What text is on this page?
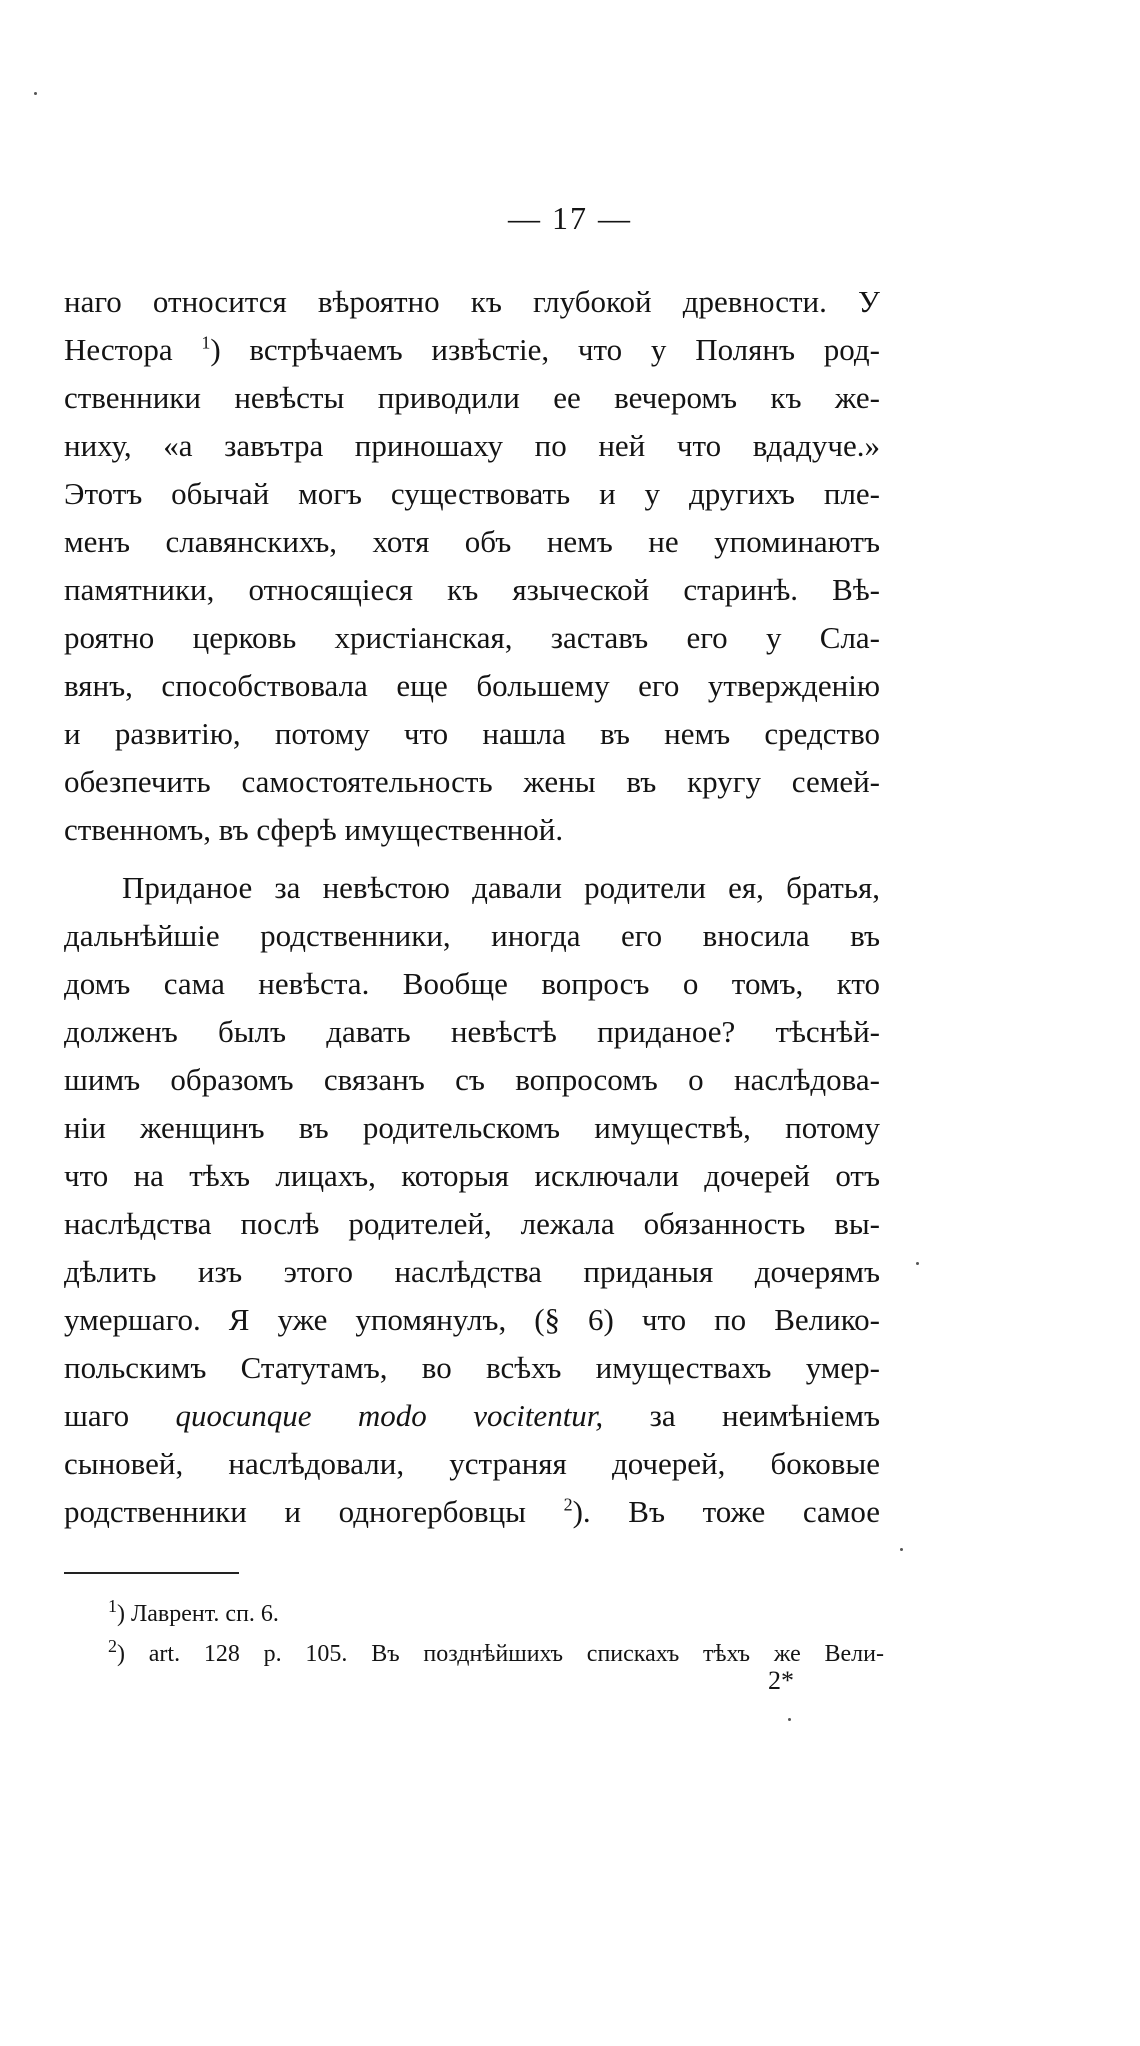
— 17 —
наго относится вѣроятно къ глубокой древности. У
Нестора $^1$) встрѣчаемъ извѣстіе, что у Полянъ род-
ственники невѣсты приводили ее вечеромъ къ же-
ниху, «а завътра приношаху по ней что вдадуче.»
Этотъ обычай могъ существовать и у другихъ пле-
менъ славянскихъ, хотя объ немъ не упоминаютъ
памятники, относящіеся къ языческой старинѣ. Вѣ-
роятно церковь христіанская, заставъ его у Сла-
вянъ, способствовала еще большему его утвержденію
и развитію, потому что нашла въ немъ средство
обезпечить самостоятельность жены въ кругу семей-
ственномъ, въ сферѣ имущественной.
Приданое за невѣстою давали родители ея, братья,
дальнѣйшіе родственники, иногда его вносила въ
домъ сама невѣста. Вообще вопросъ о томъ, кто
долженъ былъ давать невѣстѣ приданое? тѣснѣй-
шимъ образомъ связанъ съ вопросомъ о наслѣдова-
ніи женщинъ въ родительскомъ имуществѣ, потому
что на тѣхъ лицахъ, которыя исключали дочерей отъ
наслѣдства послѣ родителей, лежала обязанность вы-
дѣлить изъ этого наслѣдства приданыя дочерямъ
умершаго. Я уже упомянулъ, (§ 6) что по Велико-
польскимъ Статутамъ, во всѣхъ имуществахъ умер-
шаго quocunque modo vocitentur, за неимѣніемъ
сыновей, наслѣдовали, устраняя дочерей, боковые
родственники и одногербовцы $^2$). Въ тоже самое
$^1$) Лаврент. сп. 6.
$^2$) art. 128 p. 105. Въ позднѣйшихъ спискахъ тѣхъ же Вели-
2*
